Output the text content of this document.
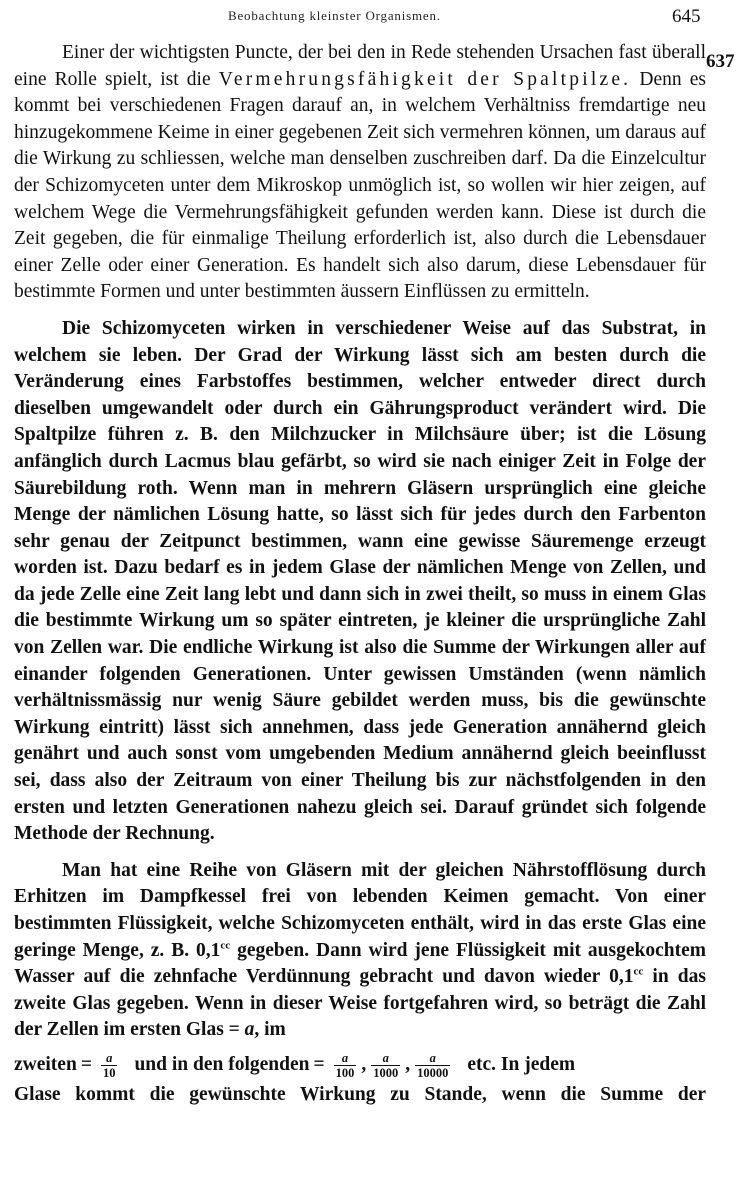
Beobachtung kleinster Organismen.	645
637

Einer der wichtigsten Puncte, der bei den in Rede stehenden Ursachen fast überall eine Rolle spielt, ist die Vermehrungsfähigkeit der Spaltpilze. Denn es kommt bei verschiedenen Fragen darauf an, in welchem Verhältniss fremdartige neu hinzugekommene Keime in einer gegebenen Zeit sich vermehren können, um daraus auf die Wirkung zu schliessen, welche man denselben zuschreiben darf. Da die Einzelcultur der Schizomyceten unter dem Mikroskop unmöglich ist, so wollen wir hier zeigen, auf welchem Wege die Vermehrungsfähigkeit gefunden werden kann. Diese ist durch die Zeit gegeben, die für einmalige Theilung erforderlich ist, also durch die Lebensdauer einer Zelle oder einer Generation. Es handelt sich also darum, diese Lebensdauer für bestimmte Formen und unter bestimmten äussern Einflüssen zu ermitteln.

Die Schizomyceten wirken in verschiedener Weise auf das Substrat, in welchem sie leben. Der Grad der Wirkung lässt sich am besten durch die Veränderung eines Farbstoffes bestimmen, welcher entweder direct durch dieselben umgewandelt oder durch ein Gährungsproduct verändert wird. Die Spaltpilze führen z. B. den Milchzucker in Milchsäure über; ist die Lösung anfänglich durch Lacmus blau gefärbt, so wird sie nach einiger Zeit in Folge der Säurebildung roth. Wenn man in mehrern Gläsern ursprünglich eine gleiche Menge der nämlichen Lösung hatte, so lässt sich für jedes durch den Farbenton sehr genau der Zeitpunct bestimmen, wann eine gewisse Säuremenge erzeugt worden ist. Dazu bedarf es in jedem Glase der nämlichen Menge von Zellen, und da jede Zelle eine Zeit lang lebt und dann sich in zwei theilt, so muss in einem Glas die bestimmte Wirkung um so später eintreten, je kleiner die ursprüngliche Zahl von Zellen war. Die endliche Wirkung ist also die Summe der Wirkungen aller auf einander folgenden Generationen. Unter gewissen Umständen (wenn nämlich verhältnissmässig nur wenig Säure gebildet werden muss, bis die gewünschte Wirkung eintritt) lässt sich annehmen, dass jede Generation annähernd gleich genährt und auch sonst vom umgebenden Medium annähernd gleich beeinflusst sei, dass also der Zeitraum von einer Theilung bis zur nächstfolgenden in den ersten und letzten Generationen nahezu gleich sei. Darauf gründet sich folgende Methode der Rechnung.

Man hat eine Reihe von Gläsern mit der gleichen Nährstofflösung durch Erhitzen im Dampfkessel frei von lebenden Keimen gemacht. Von einer bestimmten Flüssigkeit, welche Schizomyceten enthält, wird in das erste Glas eine geringe Menge, z. B. 0,1$^{cc}$ gegeben. Dann wird jene Flüssigkeit mit ausgekochtem Wasser auf die zehnfache Verdünnung gebracht und davon wieder 0,1$^{cc}$ in das zweite Glas gegeben. Wenn in dieser Weise fortgefahren wird, so beträgt die Zahl der Zellen im ersten Glas = a, im

zweiten = $\frac{a}{10}$ und in den folgenden = $\frac{a}{100}$ , $\frac{a}{1000}$ , $\frac{a}{10000}$ etc. In jedem
Glase kommt die gewünschte Wirkung zu Stande, wenn die Summe der
